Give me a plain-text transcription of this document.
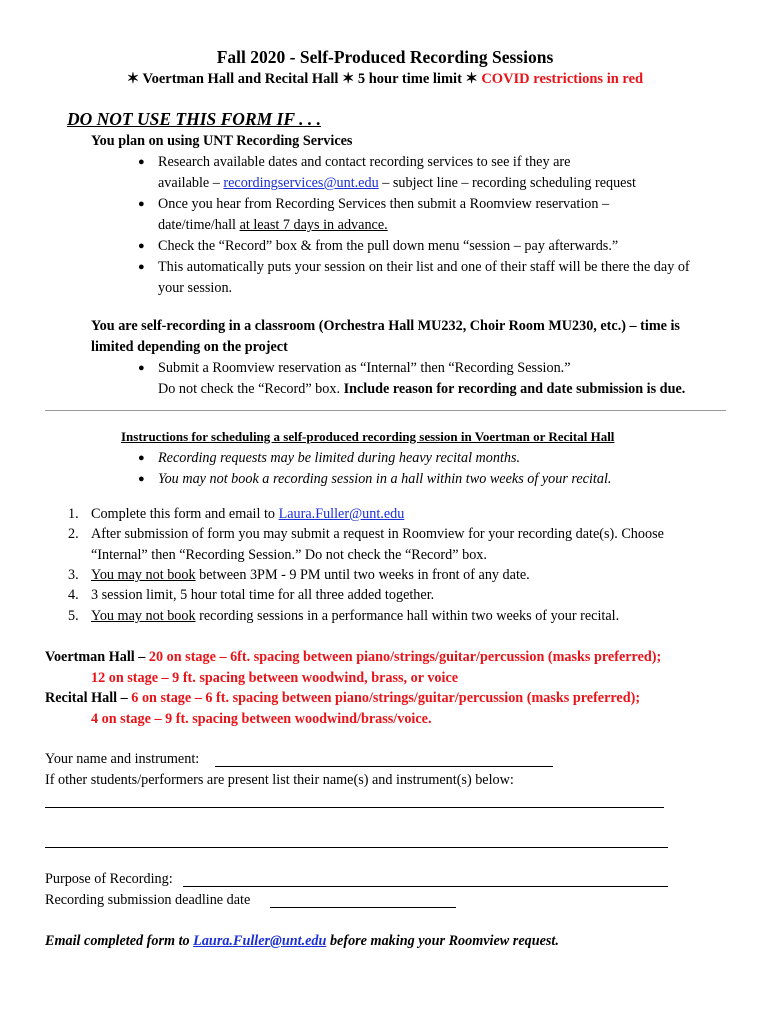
Fall 2020 - Self-Produced Recording Sessions
✶ Voertman Hall and Recital Hall ✶ 5 hour time limit ✶ COVID restrictions in red
DO NOT USE THIS FORM IF . . .
You plan on using UNT Recording Services
● Research available dates and contact recording services to see if they are
available – recordingservices@unt.edu – subject line – recording scheduling request
● Once you hear from Recording Services then submit a Roomview reservation –
date/time/hall at least 7 days in advance.
● Check the “Record” box & from the pull down menu “session – pay afterwards.”
● This automatically puts your session on their list and one of their staff will be there the day of
your session.
You are self-recording in a classroom (Orchestra Hall MU232, Choir Room MU230, etc.) – time is
limited depending on the project
● Submit a Roomview reservation as “Internal” then “Recording Session.”
Do not check the “Record” box. Include reason for recording and date submission is due.
Instructions for scheduling a self-produced recording session in Voertman or Recital Hall
● Recording requests may be limited during heavy recital months.
● You may not book a recording session in a hall within two weeks of your recital.
1. Complete this form and email to Laura.Fuller@unt.edu
2. After submission of form you may submit a request in Roomview for your recording date(s). Choose
“Internal” then “Recording Session.” Do not check the “Record” box.
3. You may not book between 3PM - 9 PM until two weeks in front of any date.
4. 3 session limit, 5 hour total time for all three added together.
5. You may not book recording sessions in a performance hall within two weeks of your recital.
Voertman Hall – 20 on stage – 6ft. spacing between piano/strings/guitar/percussion (masks preferred);
12 on stage – 9 ft. spacing between woodwind, brass, or voice
Recital Hall – 6 on stage – 6 ft. spacing between piano/strings/guitar/percussion (masks preferred);
4 on stage – 9 ft. spacing between woodwind/brass/voice.
Your name and instrument:
If other students/performers are present list their name(s) and instrument(s) below:
Purpose of Recording:
Recording submission deadline date
Email completed form to Laura.Fuller@unt.edu before making your Roomview request.
